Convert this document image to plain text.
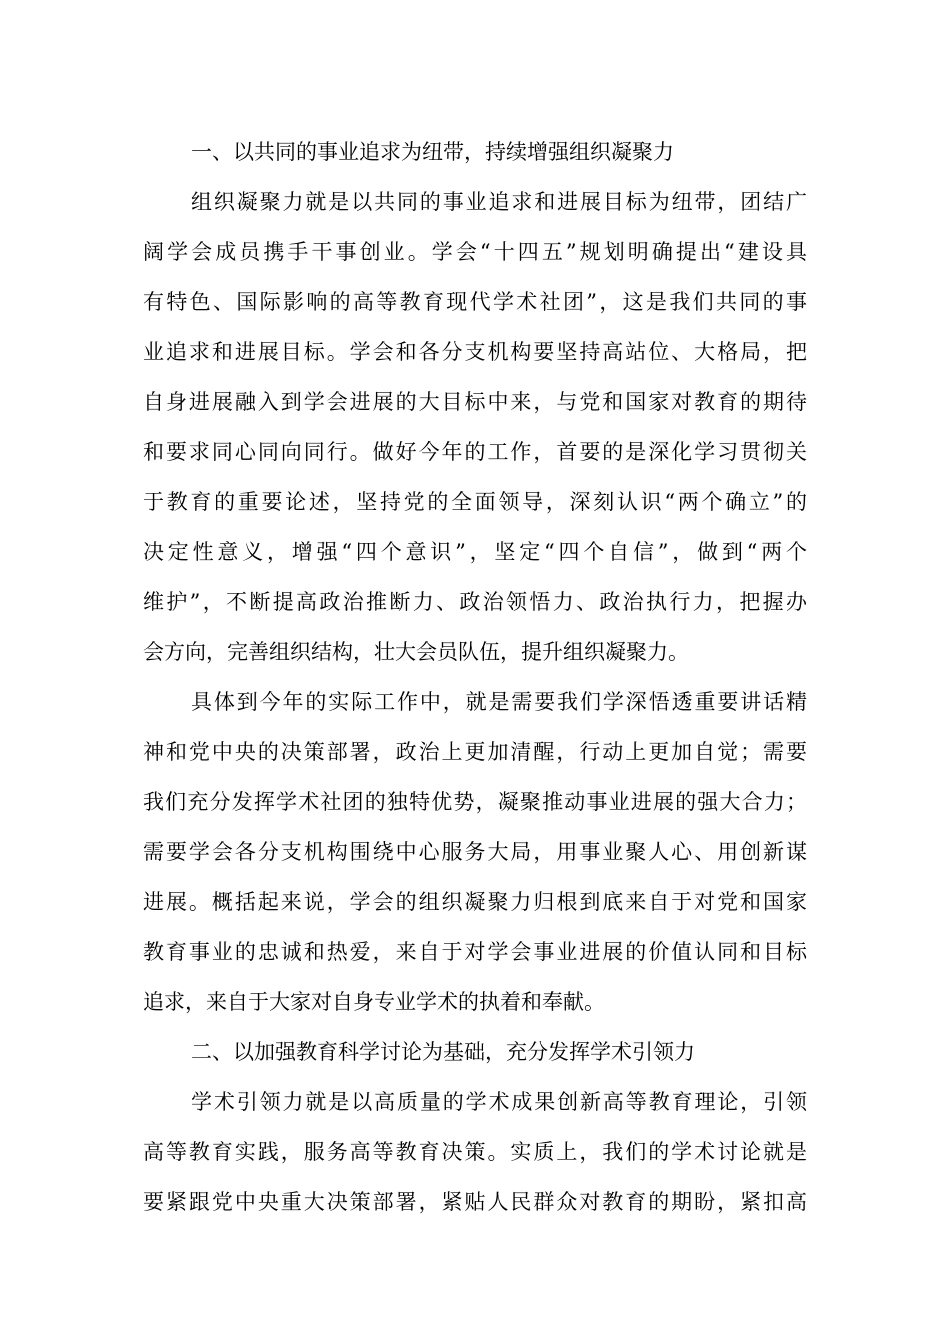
一、以共同的事业追求为纽带，持续增强组织凝聚力
组织凝聚力就是以共同的事业追求和进展目标为纽带，团结广
阔学会成员携手干事创业。学会“十四五”规划明确提出“建设具
有特色、国际影响的高等教育现代学术社团”，这是我们共同的事
业追求和进展目标。学会和各分支机构要坚持高站位、大格局，把
自身进展融入到学会进展的大目标中来，与党和国家对教育的期待
和要求同心同向同行。做好今年的工作，首要的是深化学习贯彻关
于教育的重要论述，坚持党的全面领导，深刻认识“两个确立”的
决定性意义，增强“四个意识”，坚定“四个自信”，做到“两个
维护”，不断提高政治推断力、政治领悟力、政治执行力，把握办
会方向，完善组织结构，壮大会员队伍，提升组织凝聚力。
具体到今年的实际工作中，就是需要我们学深悟透重要讲话精
神和党中央的决策部署，政治上更加清醒，行动上更加自觉；需要
我们充分发挥学术社团的独特优势，凝聚推动事业进展的强大合力；
需要学会各分支机构围绕中心服务大局，用事业聚人心、用创新谋
进展。概括起来说，学会的组织凝聚力归根到底来自于对党和国家
教育事业的忠诚和热爱，来自于对学会事业进展的价值认同和目标
追求，来自于大家对自身专业学术的执着和奉献。
二、以加强教育科学讨论为基础，充分发挥学术引领力
学术引领力就是以高质量的学术成果创新高等教育理论，引领
高等教育实践，服务高等教育决策。实质上，我们的学术讨论就是
要紧跟党中央重大决策部署，紧贴人民群众对教育的期盼，紧扣高
